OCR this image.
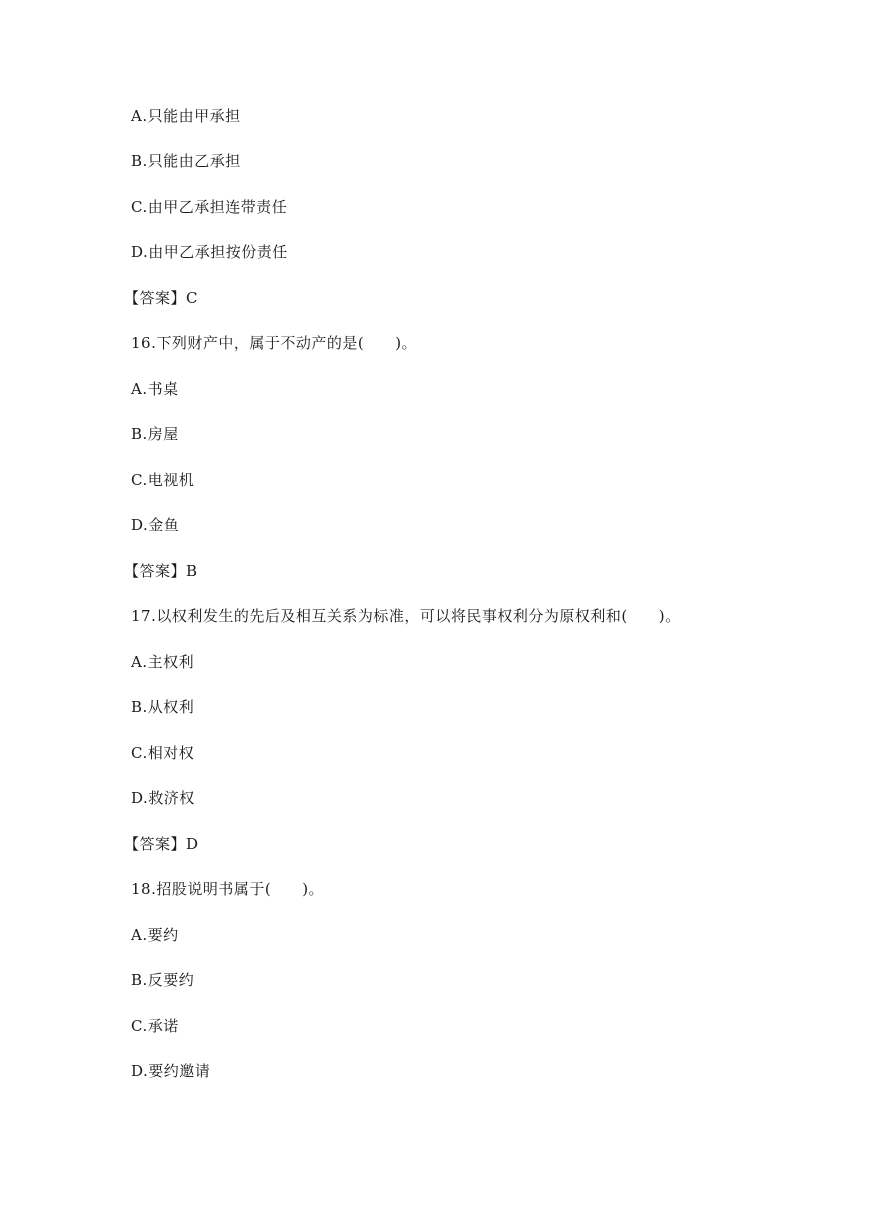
A.只能由甲承担
B.只能由乙承担
C.由甲乙承担连带责任
D.由甲乙承担按份责任
【答案】C
16.下列财产中，属于不动产的是(　　)。
A.书桌
B.房屋
C.电视机
D.金鱼
【答案】B
17.以权利发生的先后及相互关系为标准，可以将民事权利分为原权利和(　　)。
A.主权利
B.从权利
C.相对权
D.救济权
【答案】D
18.招股说明书属于(　　)。
A.要约
B.反要约
C.承诺
D.要约邀请
